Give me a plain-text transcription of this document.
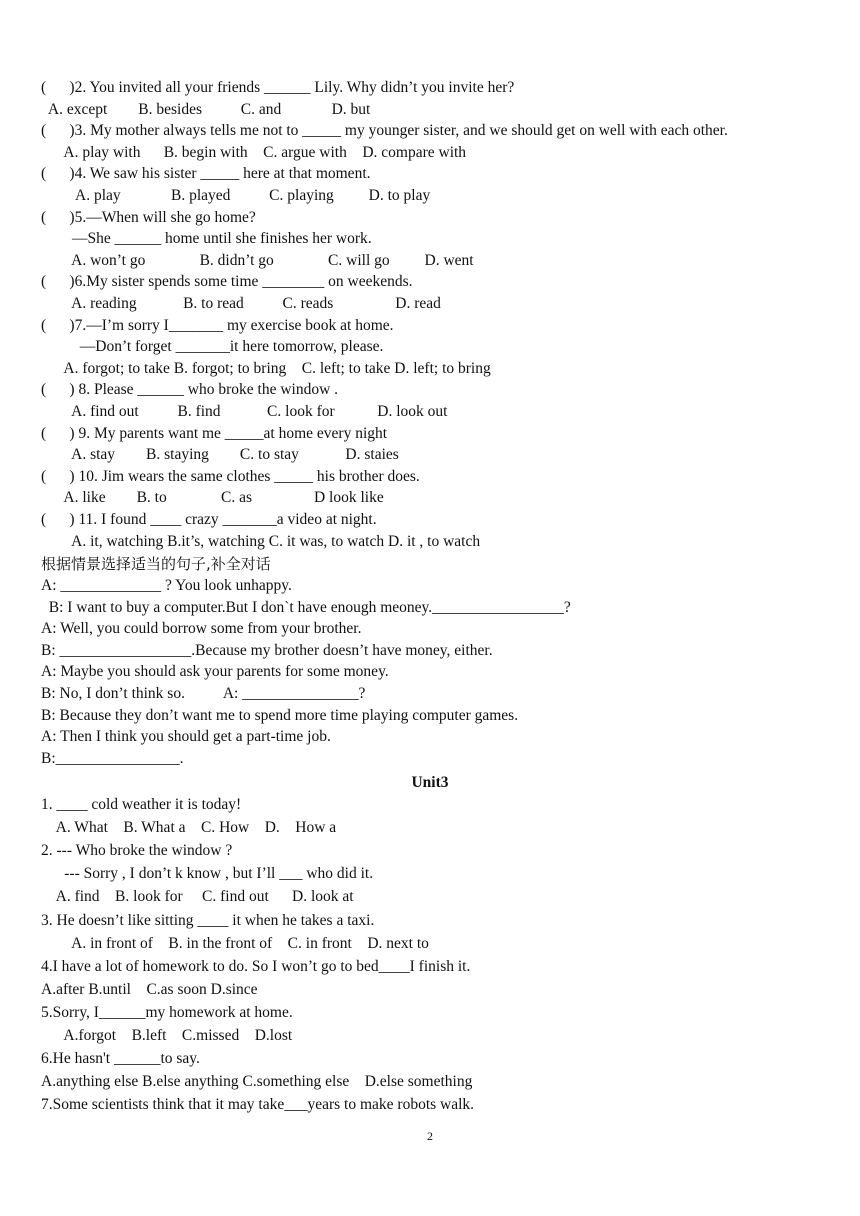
(      )2. You invited all your friends ______ Lily. Why didn’t you invite her?
A. except        B. besides          C. and             D. but
(      )3. My mother always tells me not to _____ my younger sister, and we should get on well with each other.
A. play with      B. begin with    C. argue with    D. compare with
(      )4. We saw his sister _____ here at that moment.
A. play             B. played          C. playing         D. to play
(      )5.—When will she go home?
—She ______ home until she finishes her work.
A. won’t go              B. didn’t go              C. will go         D. went
(      )6.My sister spends some time ________ on weekends.
A. reading            B. to read          C. reads                D. read
(      )7.—I’m sorry I_______ my exercise book at home.
—Don’t forget _______it here tomorrow, please.
A. forgot; to take B. forgot; to bring    C. left; to take D. left; to bring
(      ) 8. Please ______ who broke the window .
A. find out          B. find            C. look for           D. look out
(      ) 9. My parents want me _____at home every night
A. stay        B. staying        C. to stay            D. staies
(      ) 10. Jim wears the same clothes _____ his brother does.
A. like        B. to              C. as                D look like
(      ) 11. I found ____ crazy _______a video at night.
A. it, watching B.it’s, watching C. it was, to watch D. it , to watch
根据情景选择适当的句子,补全对话
A: _____________ ? You look unhappy.
B: I want to buy a computer.But I don`t have enough meoney._________________?
A: Well, you could borrow some from your brother.
B: _________________.Because my brother doesn’t have money, either.
A: Maybe you should ask your parents for some money.
B: No, I don’t think so.          A: _______________?
B: Because they don’t want me to spend more time playing computer games.
A: Then I think you should get a part-time job.
B:________________.
Unit3
1. ____ cold weather it is today!
A. What    B. What a    C. How    D.    How a
2. --- Who broke the window ?
--- Sorry , I don’t k know , but I’ll ___ who did it.
A. find    B. look for     C. find out      D. look at
3. He doesn’t like sitting ____ it when he takes a taxi.
A. in front of    B. in the front of    C. in front    D. next to
4.I have a lot of homework to do. So I won’t go to bed____I finish it.
A.after B.until    C.as soon D.since
5.Sorry, I______my homework at home.
A.forgot    B.left    C.missed    D.lost
6.He hasn't ______to say.
A.anything else B.else anything C.something else    D.else something
7.Some scientists think that it may take___years to make robots walk.
2
